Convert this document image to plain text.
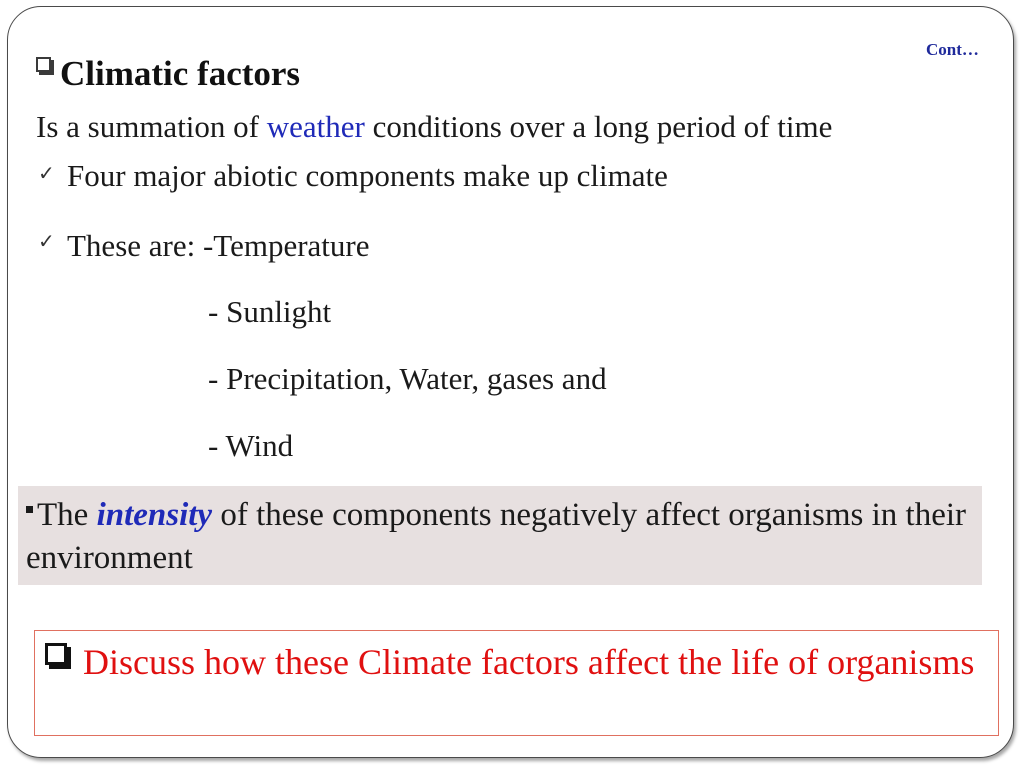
Cont…
Climatic factors
Is a summation of weather conditions over a long period of time
✓ Four major abiotic components make up climate
✓ These are: -Temperature
- Sunlight
- Precipitation, Water, gases and
- Wind
The intensity of these components negatively affect organisms in their environment
Discuss how these Climate factors affect the life of organisms
